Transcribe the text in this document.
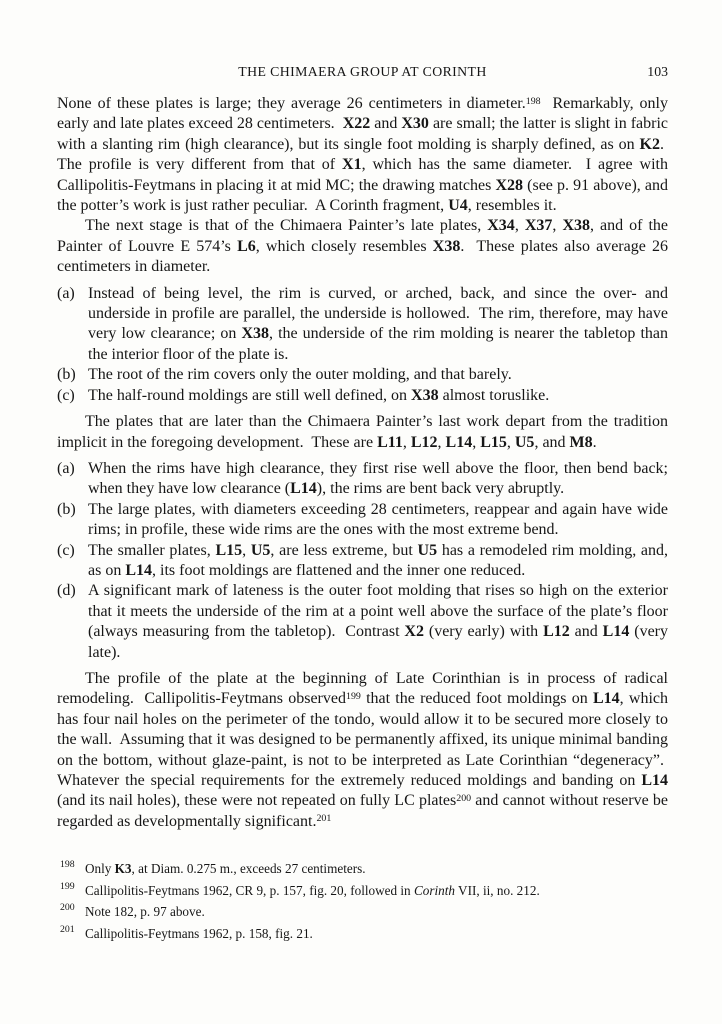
THE CHIMAERA GROUP AT CORINTH	103

None of these plates is large; they average 26 centimeters in diameter.$^{198}$  Remarkably, only early and late plates exceed 28 centimeters.  X22 and X30 are small; the latter is slight in fabric with a slanting rim (high clearance), but its single foot molding is sharply defined, as on K2.  The profile is very different from that of X1, which has the same diameter.  I agree with Callipolitis-Feytmans in placing it at mid MC; the drawing matches X28 (see p. 91 above), and the potter’s work is just rather peculiar.  A Corinth fragment, U4, resembles it.

The next stage is that of the Chimaera Painter’s late plates, X34, X37, X38, and of the Painter of Louvre E 574’s L6, which closely resembles X38.  These plates also average 26 centimeters in diameter.

(a) Instead of being level, the rim is curved, or arched, back, and since the over- and underside in profile are parallel, the underside is hollowed.  The rim, therefore, may have very low clearance; on X38, the underside of the rim molding is nearer the tabletop than the interior floor of the plate is.
(b) The root of the rim covers only the outer molding, and that barely.
(c) The half-round moldings are still well defined, on X38 almost toruslike.

The plates that are later than the Chimaera Painter’s last work depart from the tradition implicit in the foregoing development.  These are L11, L12, L14, L15, U5, and M8.

(a) When the rims have high clearance, they first rise well above the floor, then bend back; when they have low clearance (L14), the rims are bent back very abruptly.
(b) The large plates, with diameters exceeding 28 centimeters, reappear and again have wide rims; in profile, these wide rims are the ones with the most extreme bend.
(c) The smaller plates, L15, U5, are less extreme, but U5 has a remodeled rim molding, and, as on L14, its foot moldings are flattened and the inner one reduced.
(d) A significant mark of lateness is the outer foot molding that rises so high on the exterior that it meets the underside of the rim at a point well above the surface of the plate’s floor (always measuring from the tabletop).  Contrast X2 (very early) with L12 and L14 (very late).

The profile of the plate at the beginning of Late Corinthian is in process of radical remodeling.  Callipolitis-Feytmans observed$^{199}$ that the reduced foot moldings on L14, which has four nail holes on the perimeter of the tondo, would allow it to be secured more closely to the wall.  Assuming that it was designed to be permanently affixed, its unique minimal banding on the bottom, without glaze-paint, is not to be interpreted as Late Corinthian “degeneracy”.  Whatever the special requirements for the extremely reduced moldings and banding on L14 (and its nail holes), these were not repeated on fully LC plates$^{200}$ and cannot without reserve be regarded as developmentally significant.$^{201}$

198 Only K3, at Diam. 0.275 m., exceeds 27 centimeters.
199 Callipolitis-Feytmans 1962, CR 9, p. 157, fig. 20, followed in Corinth VII, ii, no. 212.
200 Note 182, p. 97 above.
201 Callipolitis-Feytmans 1962, p. 158, fig. 21.
